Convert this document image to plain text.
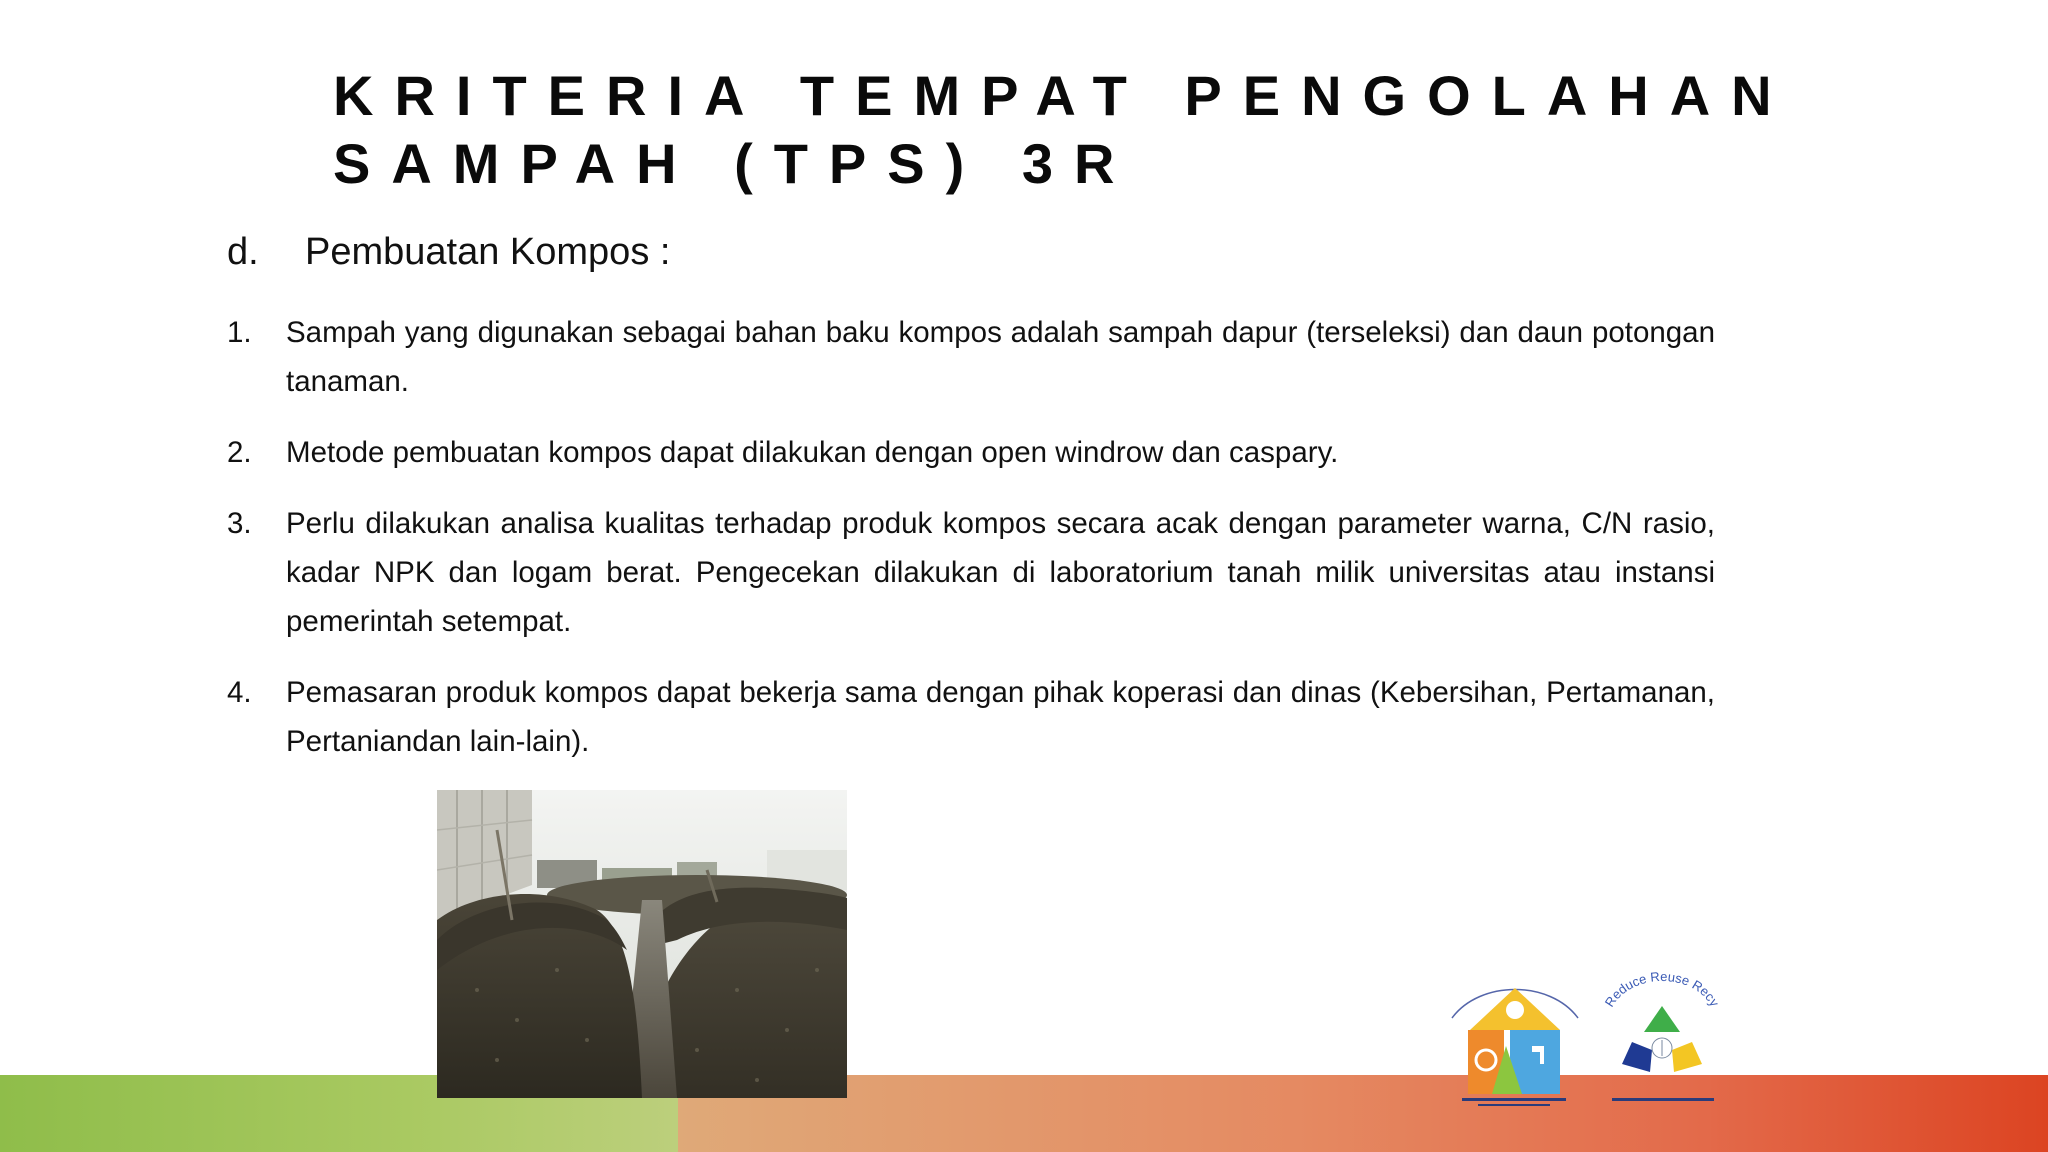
KRITERIA TEMPAT PENGOLAHAN
SAMPAH (TPS) 3R
d. Pembuatan Kompos :
1. Sampah yang digunakan sebagai bahan baku kompos adalah sampah dapur (terseleksi) dan daun potongan tanaman.
2. Metode pembuatan kompos dapat dilakukan dengan open windrow dan caspary.
3. Perlu dilakukan analisa kualitas terhadap produk kompos secara acak dengan parameter warna, C/N rasio, kadar NPK dan logam berat. Pengecekan dilakukan di laboratorium tanah milik universitas atau instansi pemerintah setempat.
4. Pemasaran produk kompos dapat bekerja sama dengan pihak koperasi dan dinas (Kebersihan, Pertamanan, Pertaniandan lain-lain).
Reduce Reuse Recy
